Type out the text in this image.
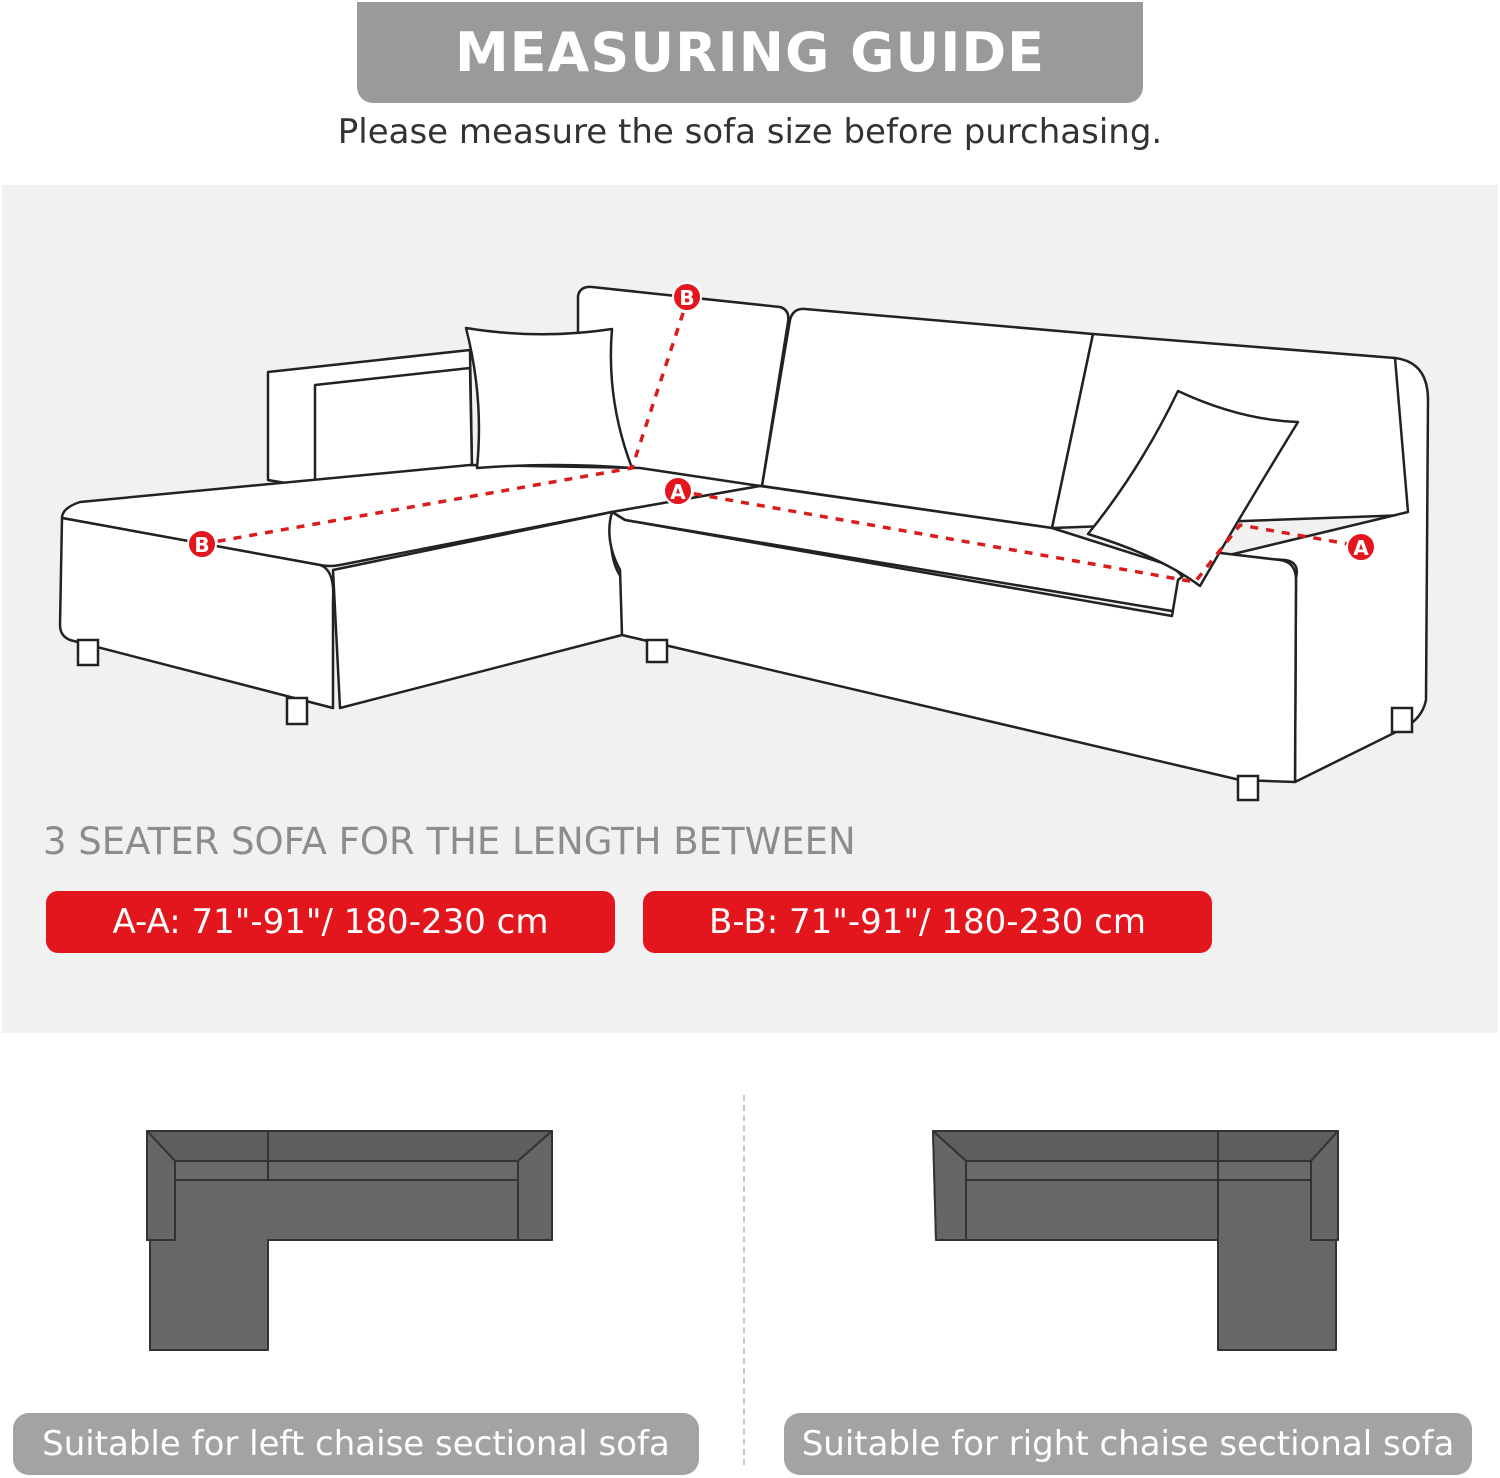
MEASURING GUIDE
Please measure the sofa size before purchasing.
B
B
A
A
3 SEATER SOFA FOR THE LENGTH BETWEEN
A-A: 71"-91"/ 180-230 cm	B-B: 71"-91"/ 180-230 cm
Suitable for left chaise sectional sofa	Suitable for right chaise sectional sofa
